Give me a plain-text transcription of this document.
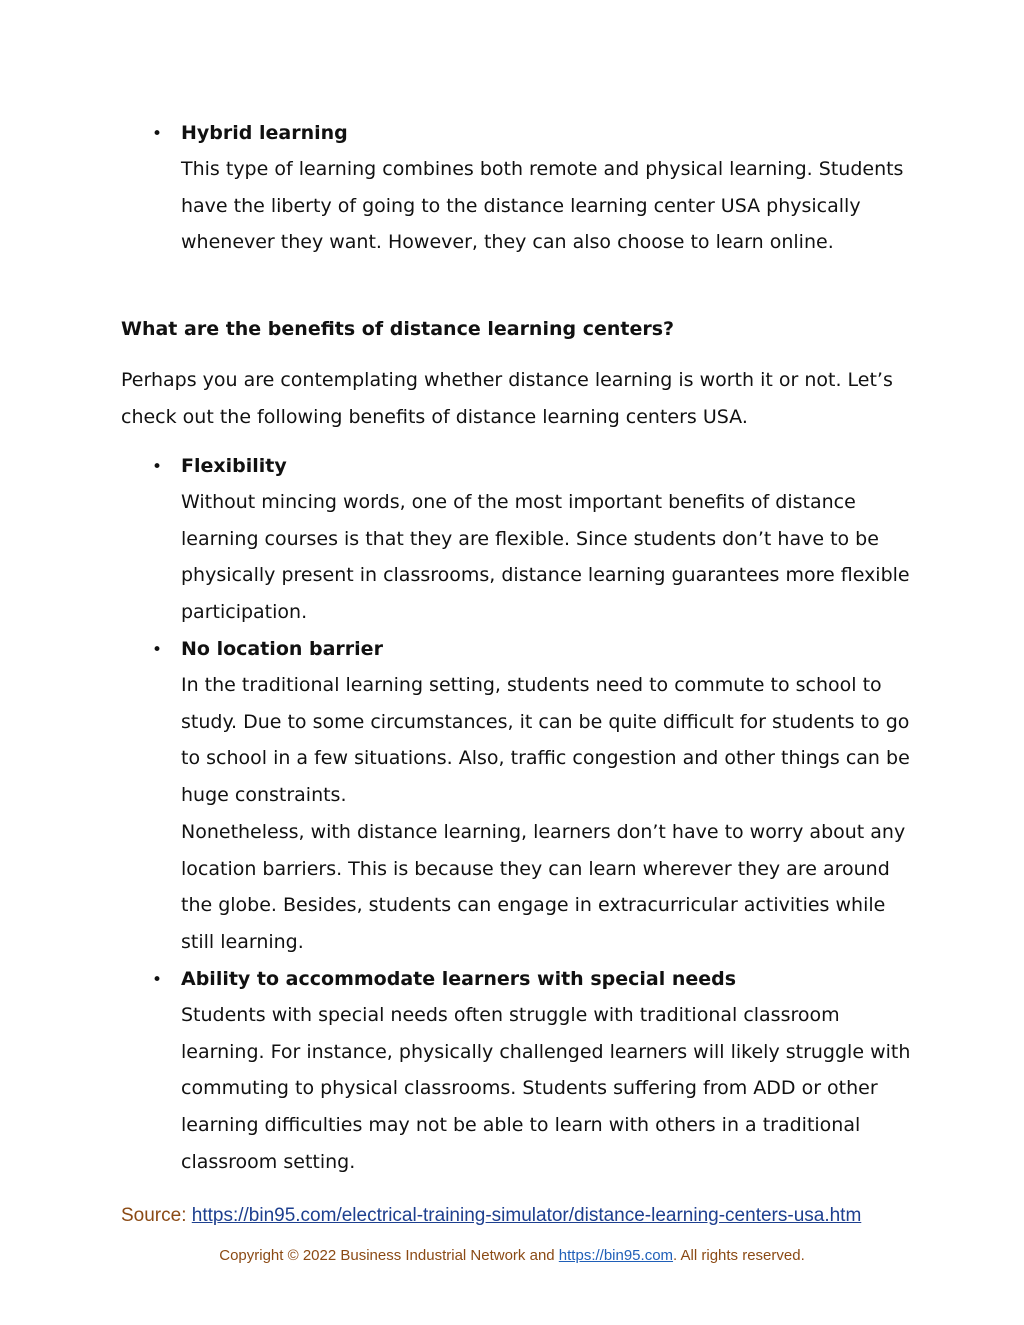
• Hybrid learning

This type of learning combines both remote and physical learning. Students have the liberty of going to the distance learning center USA physically whenever they want. However, they can also choose to learn online.

What are the benefits of distance learning centers?

Perhaps you are contemplating whether distance learning is worth it or not. Let’s check out the following benefits of distance learning centers USA.

• Flexibility

Without mincing words, one of the most important benefits of distance learning courses is that they are flexible. Since students don’t have to be physically present in classrooms, distance learning guarantees more flexible participation.

• No location barrier

In the traditional learning setting, students need to commute to school to study. Due to some circumstances, it can be quite difficult for students to go to school in a few situations. Also, traffic congestion and other things can be huge constraints.

Nonetheless, with distance learning, learners don’t have to worry about any location barriers. This is because they can learn wherever they are around the globe. Besides, students can engage in extracurricular activities while still learning.

• Ability to accommodate learners with special needs

Students with special needs often struggle with traditional classroom learning. For instance, physically challenged learners will likely struggle with commuting to physical classrooms. Students suffering from ADD or other learning difficulties may not be able to learn with others in a traditional classroom setting.

Source: https://bin95.com/electrical-training-simulator/distance-learning-centers-usa.htm

Copyright © 2022 Business Industrial Network and https://bin95.com. All rights reserved.
